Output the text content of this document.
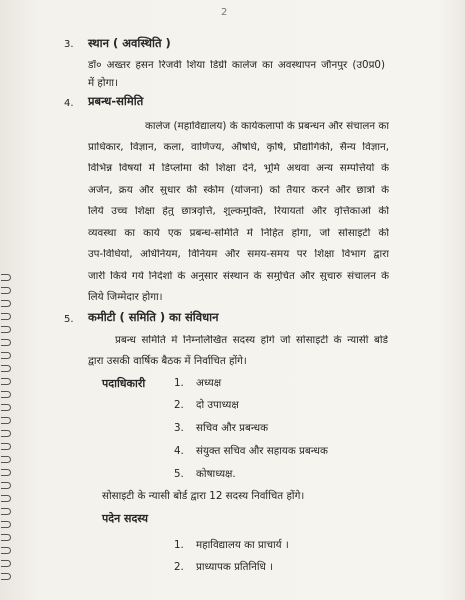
2
3. स्थान ( अवस्थिति )
डॉ० अख्तर हसन रिजवी शिया डिग्री कालेज का अवस्थापन जौनपुर (उ0प्र0)
में होगा।
4. प्रबन्ध-समिति
कालेज (महाविद्यालय) के कार्यकलापों के प्रबन्धन और संचालन का
प्राधिकार, विज्ञान, कला, वाणिज्य, औषधि, कृषि, प्रौद्योगिकी, सैन्य विज्ञान,
विभिन्न विषयों में डिप्लोमा की शिक्षा देने, भूमि अथवा अन्य सम्पत्तियों के
अर्जन, क्रय और सुधार की स्कीम (योजना) को तैयार करने और छात्रों के
लिये उच्च शिक्षा हेतु छात्रवृत्ति, शुल्कमुक्ति, रियायतों और वृत्तिकाओं की
व्यवस्था का कार्य एक प्रबन्ध-समिति में निहित होगा, जो सोसाइटी की
उप-विधियों, अधिनियम, विनियम और समय-समय पर शिक्षा विभाग द्वारा
जारी किये गये निर्देशों के अनुसार संस्थान के समुचित और सुचारु संचालन के
लिये जिम्मेदार होगा।
5. कमीटी ( समिति ) का संविधान
प्रबन्ध समिति में निम्नलिखित सदस्य होंगे जो सोसाइटी के न्यासी बोर्ड
द्वारा उसकी वार्षिक बैठक में निर्वाचित होंगे।
पदाधिकारी	1. अध्यक्ष
2. दो उपाध्यक्ष
3. सचिव और प्रबन्धक
4. संयुक्त सचिव और सहायक प्रबन्धक
5. कोषाध्यक्ष.
सोसाइटी के न्यासी बोर्ड द्वारा 12 सदस्य निर्वाचित होंगे।
पदेन सदस्य
1. महाविद्यालय का प्राचार्य ।
2. प्राध्यापक प्रतिनिधि ।
